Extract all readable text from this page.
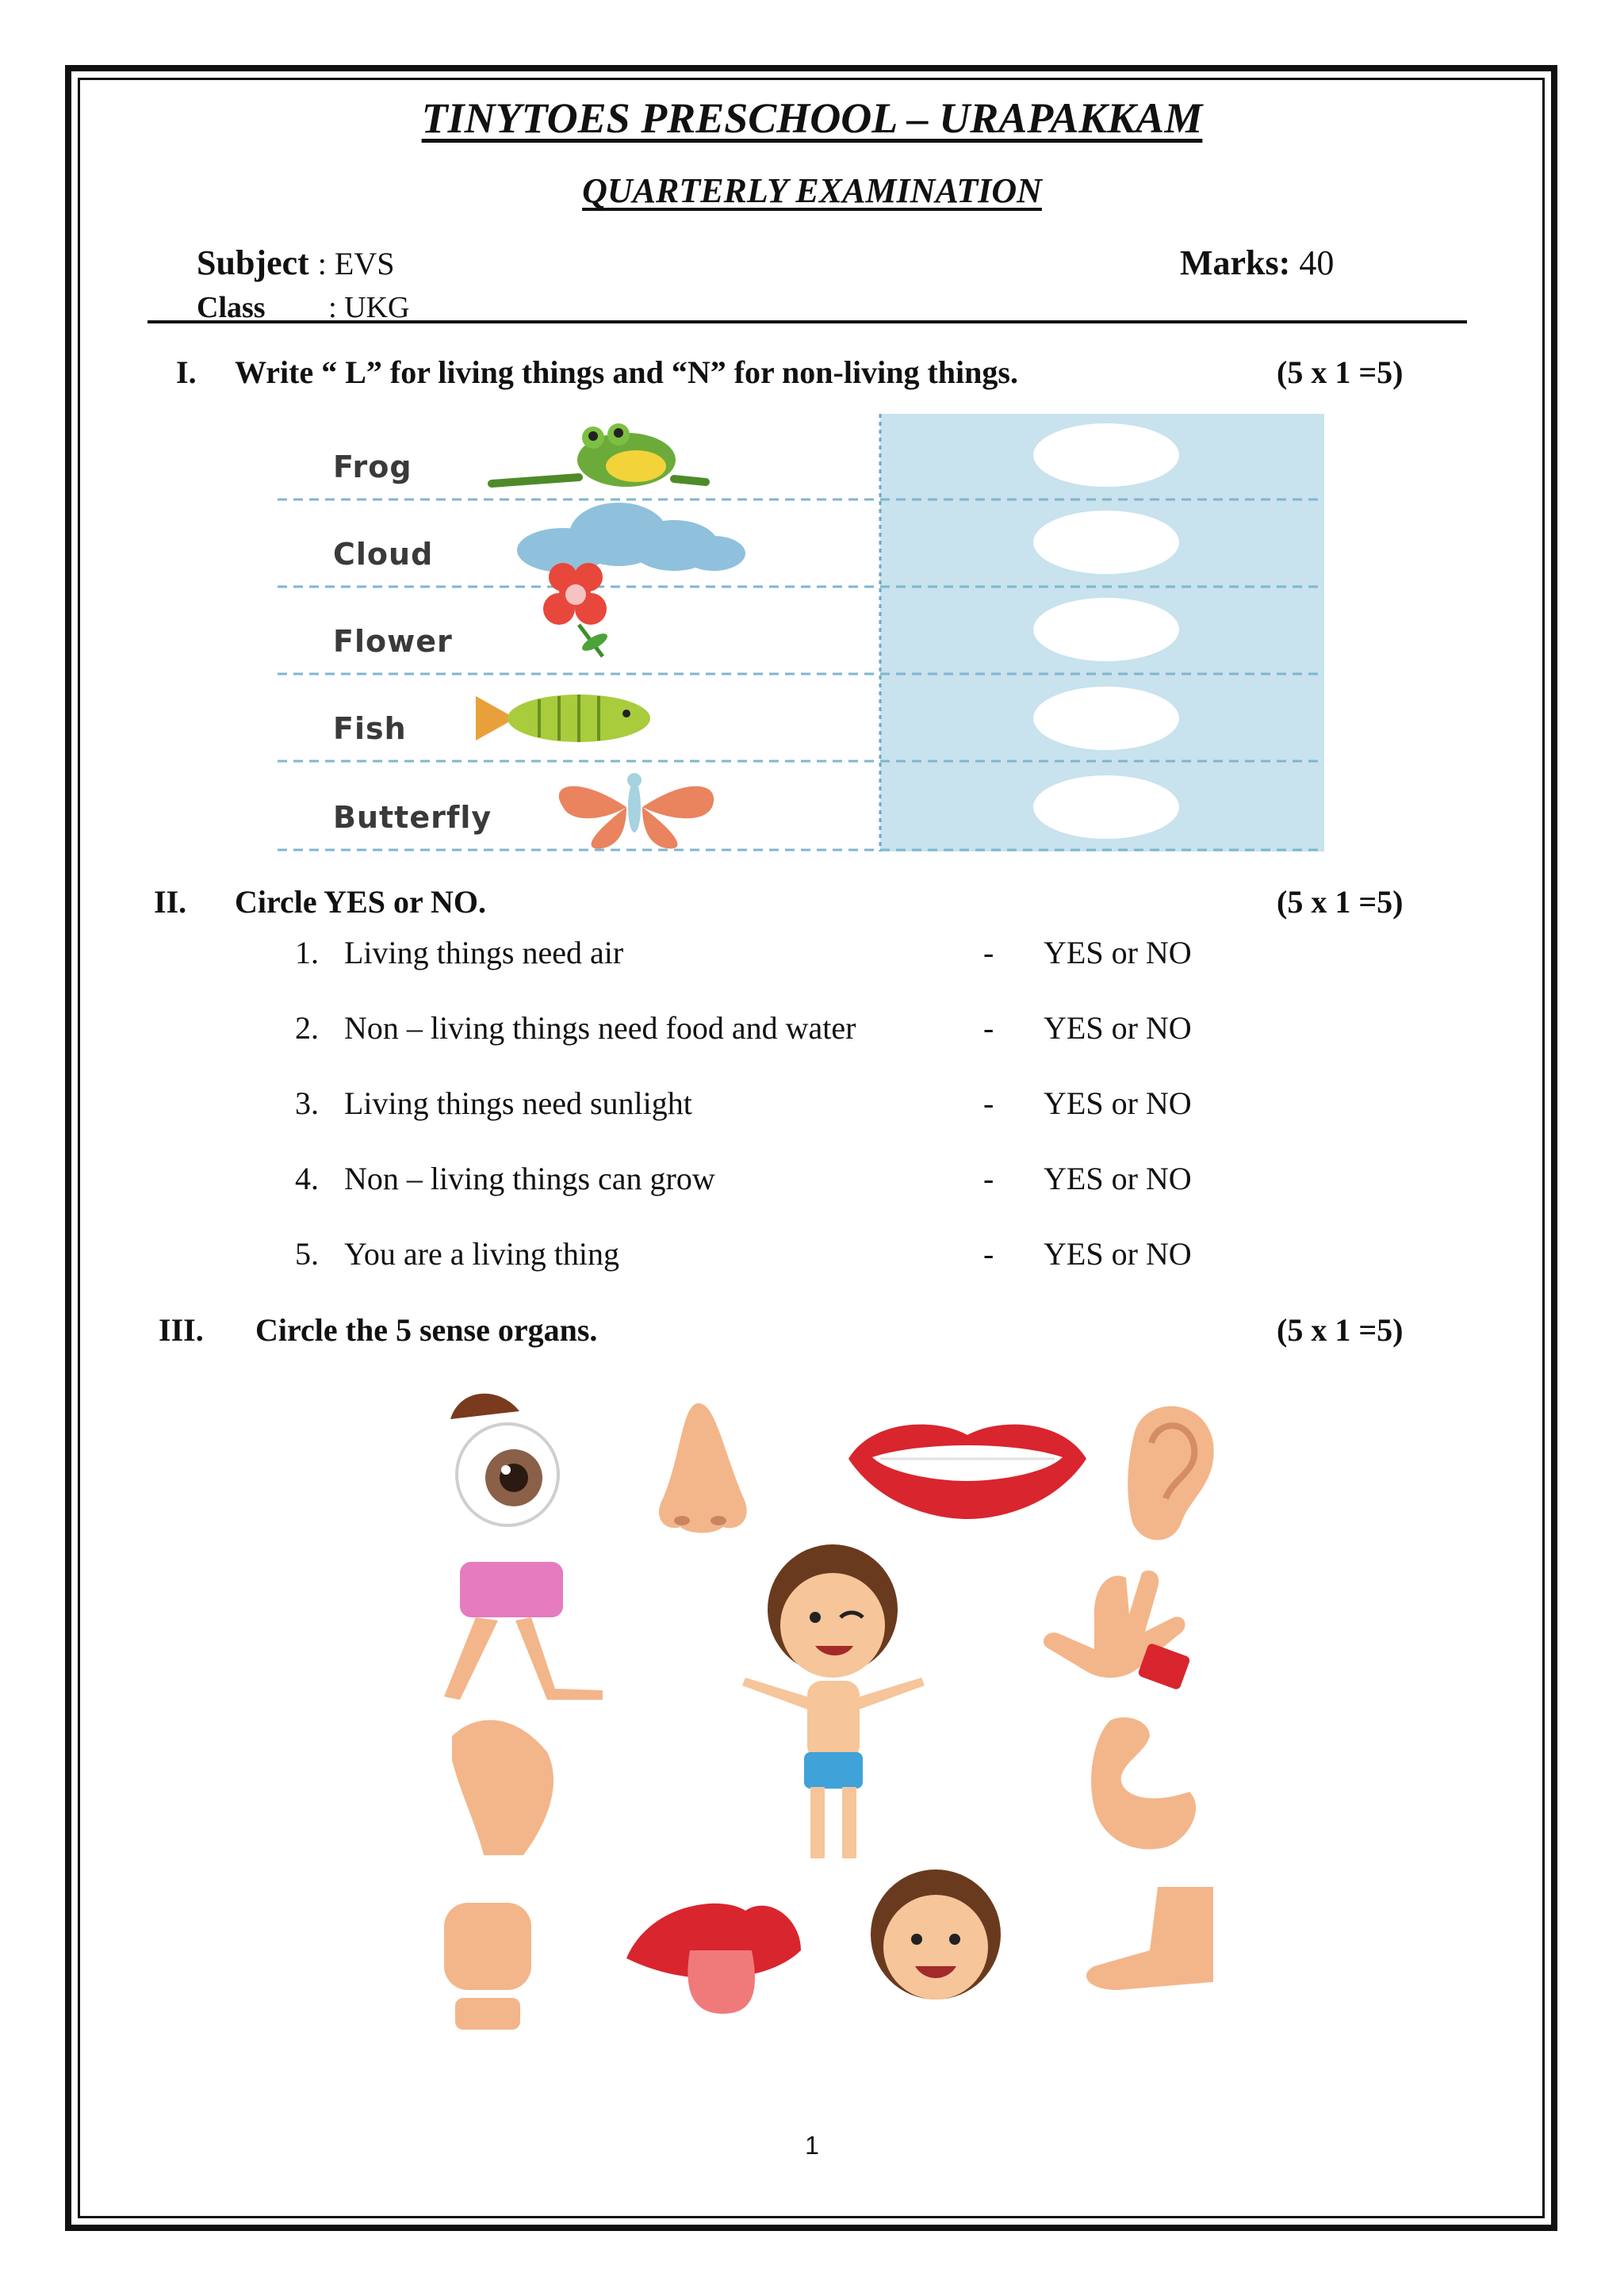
TINYTOES PRESCHOOL – URAPAKKAM
QUARTERLY EXAMINATION
Subject : EVS
Class : UKG
Marks: 40
I. Write “ L” for living things and “N” for non-living things.	(5 x 1 =5)
Frog
Cloud
Flower
Fish
Butterfly
II. Circle YES or NO.	(5 x 1 =5)
1. Living things need air	- YES or NO
2. Non – living things need food and water	- YES or NO
3. Living things need sunlight	- YES or NO
4. Non – living things can grow	- YES or NO
5. You are a living thing	- YES or NO
III. Circle the 5 sense organs.	(5 x 1 =5)
1
